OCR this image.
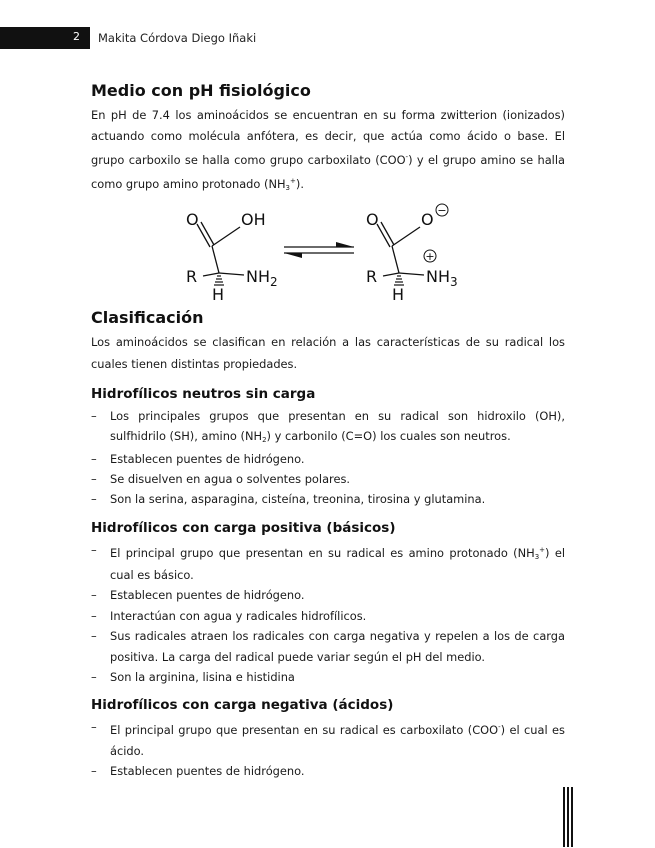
2 Makita Córdova Diego Iñaki
Medio con pH fisiológico

En pH de 7.4 los aminoácidos se encuentran en su forma zwitterion (ionizados) actuando como molécula anfótera, es decir, que actúa como ácido o base. El grupo carboxilo se halla como grupo carboxilato (COO-) y el grupo amino se halla como grupo amino protonado $(NH_3^+)$.

O	OH
R
H
$NH_2$
O	O
R
H
$NH_3$
−
+
Clasificación

Los aminoácidos se clasifican en relación a las características de su radical los cuales tienen distintas propiedades.

Hidrofílicos neutros sin carga
– Los principales grupos que presentan en su radical son hidroxilo (OH), sulfhidrilo (SH), amino $(NH_2)$ y carbonilo (C=O) los cuales son neutros.
– Establecen puentes de hidrógeno.
– Se disuelven en agua o solventes polares.
– Son la serina, asparagina, cisteína, treonina, tirosina y glutamina.
Hidrofílicos con carga positiva (básicos)
– El principal grupo que presentan en su radical es amino protonado $(NH_3^+)$ el cual es básico.
– Establecen puentes de hidrógeno.
– Interactúan con agua y radicales hidrofílicos.
– Sus radicales atraen los radicales con carga negativa y repelen a los de carga positiva. La carga del radical puede variar según el pH del medio.
– Son la arginina, lisina e histidina
Hidrofílicos con carga negativa (ácidos)
– El principal grupo que presentan en su radical es carboxilato (COO-) el cual es ácido.
– Establecen puentes de hidrógeno.
